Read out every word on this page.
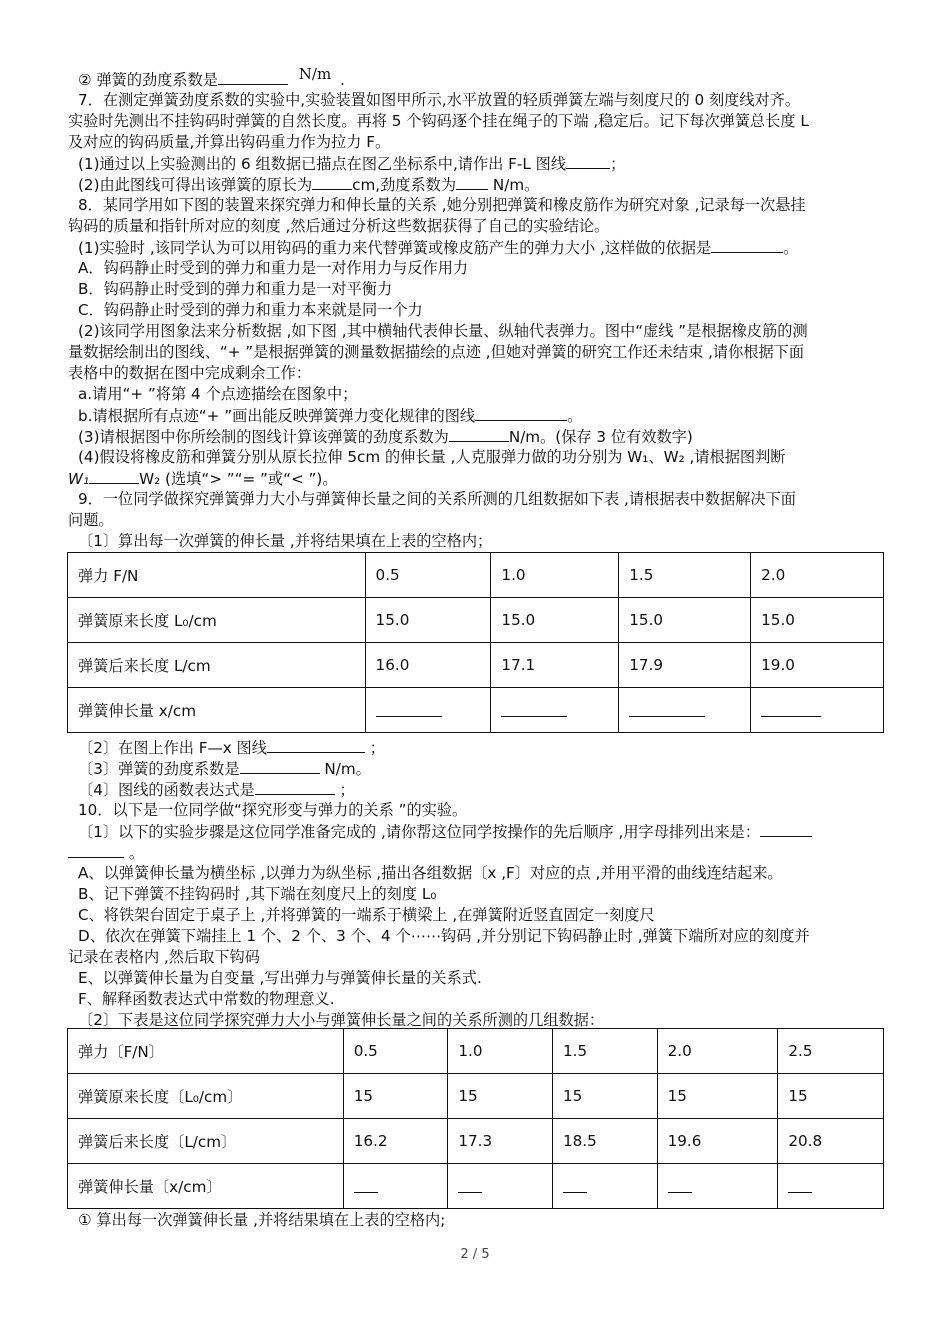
② 弹簧的劲度系数是	N/m .
7．在测定弹簧劲度系数的实验中,实验装置如图甲所示,水平放置的轻质弹簧左端与刻度尺的 0 刻度线对齐。
实验时先测出不挂钩码时弹簧的自然长度。再将 5 个钩码逐个挂在绳子的下端 ,稳定后。记下每次弹簧总长度 L
及对应的钩码质量,并算出钩码重力作为拉力 F。
(1)通过以上实验测出的 6 组数据已描点在图乙坐标系中,请作出 F-L 图线	；
(2)由此图线可得出该弹簧的原长为	cm,劲度系数为 N/m。
8．某同学用如下图的装置来探究弹力和伸长量的关系 ,她分别把弹簧和橡皮筋作为研究对象 ,记录每一次悬挂
钩码的质量和指针所对应的刻度 ,然后通过分析这些数据获得了自己的实验结论。
(1)实验时 ,该同学认为可以用钩码的重力来代替弹簧或橡皮筋产生的弹力大小 ,这样做的依据是	。
A．钩码静止时受到的弹力和重力是一对作用力与反作用力
B．钩码静止时受到的弹力和重力是一对平衡力
C．钩码静止时受到的弹力和重力本来就是同一个力
(2)该同学用图象法来分析数据 ,如下图 ,其中横轴代表伸长量、纵轴代表弹力。图中“虚线 ”是根据橡皮筋的测
量数据绘制出的图线、“+ ”是根据弹簧的测量数据描绘的点迹 ,但她对弹簧的研究工作还未结束 ,请你根据下面
表格中的数据在图中完成剩余工作：
a.请用“+ ”将第 4 个点迹描绘在图象中；
b.请根据所有点迹“+ ”画出能反映弹簧弹力变化规律的图线	。
(3)请根据图中你所绘制的图线计算该弹簧的劲度系数为	N/m。(保存 3 位有效数字)
(4)假设将橡皮筋和弹簧分别从原长拉伸 5cm 的伸长量 ,人克服弹力做的功分别为 W₁、W₂ ,请根据图判断
W₁	W₂ (选填“> ”“= ”或“< ”)。
9．一位同学做探究弹簧弹力大小与弹簧伸长量之间的关系所测的几组数据如下表 ,请根据表中数据解决下面
问题。
〔1〕算出每一次弹簧的伸长量 ,并将结果填在上表的空格内；
弹力 F/N	0.5	1.0	1.5	2.0
弹簧原来长度 L₀/cm	15.0	15.0	15.0	15.0
弹簧后来长度 L/cm	16.0	17.1	17.9	19.0
弹簧伸长量 x/cm				
〔2〕在图上作出 F—x 图线	；
〔3〕弹簧的劲度系数是	N/m。
〔4〕图线的函数表达式是	；
10．以下是一位同学做“探究形变与弹力的关系 ”的实验。
〔1〕以下的实验步骤是这位同学准备完成的 ,请你帮这位同学按操作的先后顺序 ,用字母排列出来是：
。
A、以弹簧伸长量为横坐标 ,以弹力为纵坐标 ,描出各组数据〔x ,F〕对应的点 ,并用平滑的曲线连结起来。
B、记下弹簧不挂钩码时 ,其下端在刻度尺上的刻度 L₀
C、将铁架台固定于桌子上 ,并将弹簧的一端系于横梁上 ,在弹簧附近竖直固定一刻度尺
D、依次在弹簧下端挂上 1 个、2 个、3 个、4 个⋯⋯钩码 ,并分别记下钩码静止时 ,弹簧下端所对应的刻度并
记录在表格内 ,然后取下钩码
E、以弹簧伸长量为自变量 ,写出弹力与弹簧伸长量的关系式.
F、解释函数表达式中常数的物理意义.
〔2〕下表是这位同学探究弹力大小与弹簧伸长量之间的关系所测的几组数据：
弹力〔F/N〕	0.5	1.0	1.5	2.0	2.5
弹簧原来长度〔L₀/cm〕	15	15	15	15	15
弹簧后来长度〔L/cm〕	16.2	17.3	18.5	19.6	20.8
弹簧伸长量〔x/cm〕					
① 算出每一次弹簧伸长量 ,并将结果填在上表的空格内;
2 / 5
